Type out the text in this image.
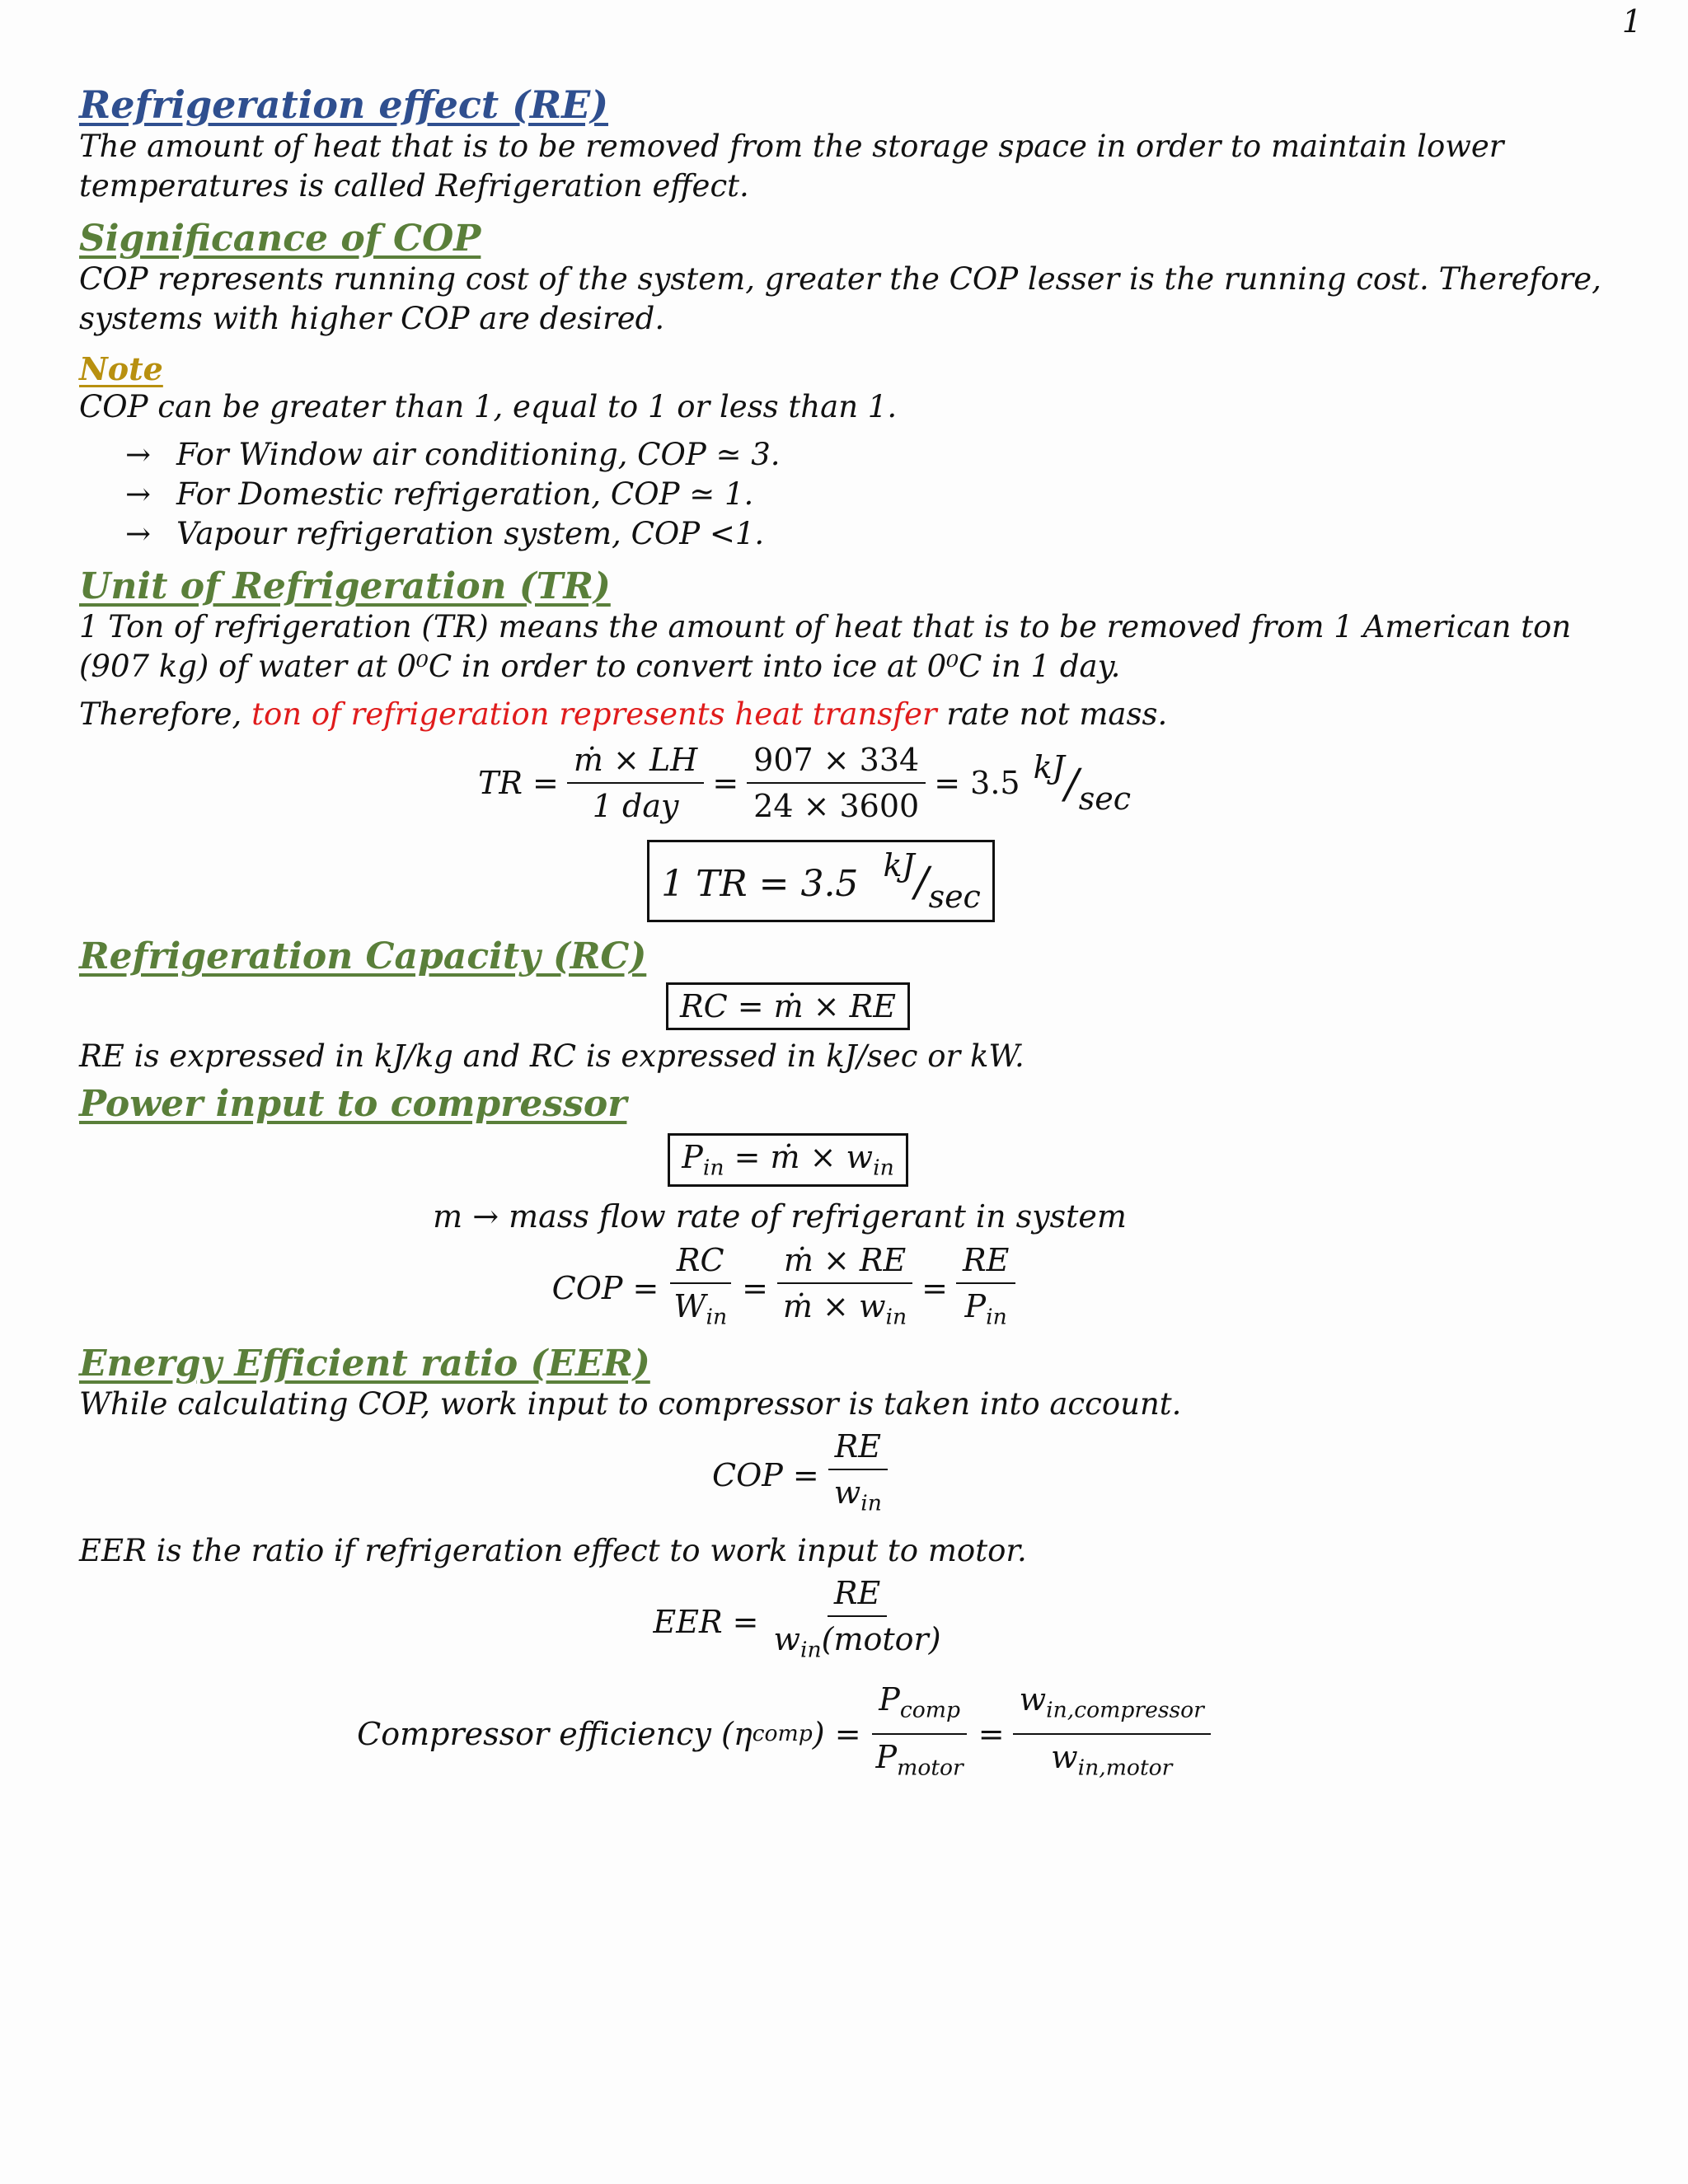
1
Refrigeration effect (RE)

The amount of heat that is to be removed from the storage space in order to maintain lower temperatures is called Refrigeration effect.

Significance of COP

COP represents running cost of the system, greater the COP lesser is the running cost. Therefore, systems with higher COP are desired.

Note

COP can be greater than 1, equal to 1 or less than 1.

→ For Window air conditioning, COP ≃ 3.
→ For Domestic refrigeration, COP ≃ 1.
→ Vapour refrigeration system, COP <1.
Unit of Refrigeration (TR)

1 Ton of refrigeration (TR) means the amount of heat that is to be removed from 1 American ton (907 kg) of water at 0⁰C in order to convert into ice at 0⁰C in 1 day.

Therefore, ton of refrigeration represents heat transfer rate not mass.

TR = $\frac{\text{ṁ × LH}}{\text{1 day}} = \frac{907 \times 334}{24 \times 3600} = 3.5$ kJ/sec
1 TR = 3.5 kJ/sec
Refrigeration Capacity (RC)
RC = ṁ × RE

RE is expressed in kJ/kg and RC is expressed in kJ/sec or kW.

Power input to compressor
$P_{in}$ = ṁ × $w_{in}$
m → mass flow rate of refrigerant in system
COP = $\frac{RC}{W_{in}} = \frac{\text{ṁ × RE}}{ṁ \times w_{in}} = \frac{RE}{P_{in}}$
Energy Efficient ratio (EER)

While calculating COP, work input to compressor is taken into account.

COP = $\frac{RE}{w_{in}}$

EER is the ratio if refrigeration effect to work input to motor.

EER = $\frac{RE}{w_{in}(motor)}$
Compressor efficiency (η comp ) = $\frac{P_{comp}}{P_{motor}} = \frac{w_{in,compressor}}{w_{in,motor}}$
